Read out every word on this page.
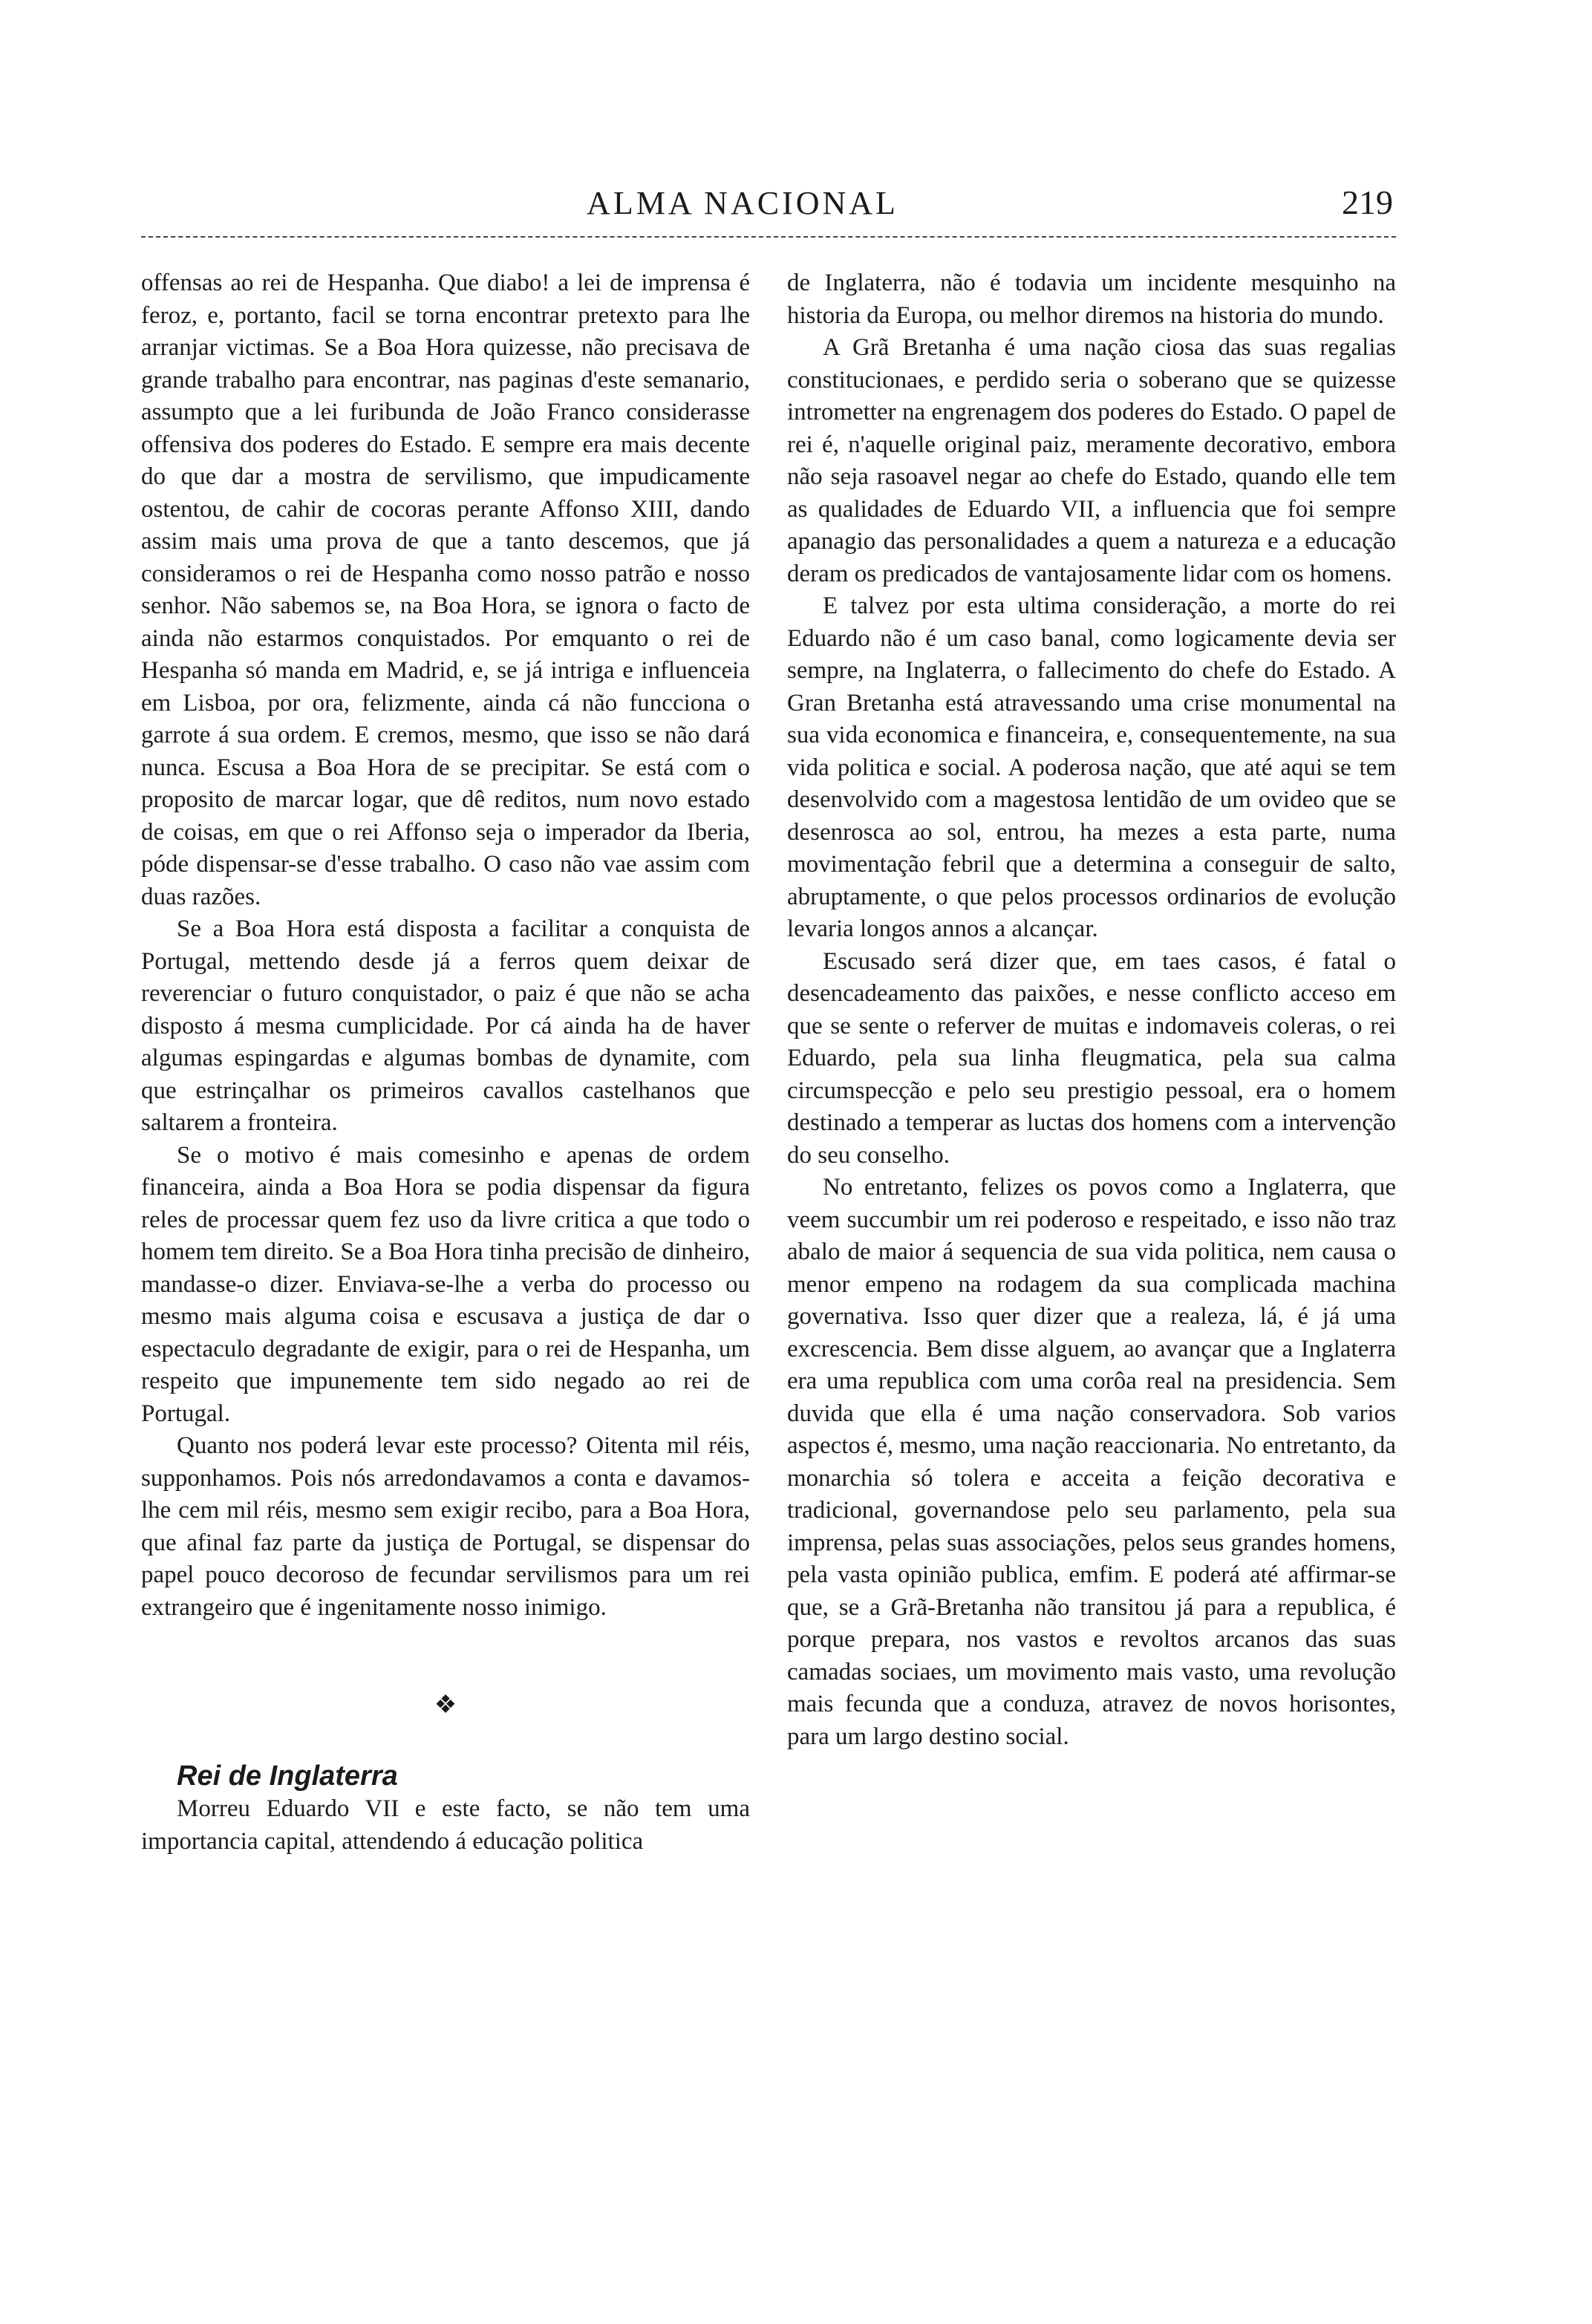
ALMA NACIONAL	219

offensas ao rei de Hespanha. Que diabo! a lei de imprensa é feroz, e, portanto, facil se torna encontrar pretexto para lhe arranjar victimas. Se a Boa Hora quizesse, não precisava de grande trabalho para encontrar, nas paginas d'este semanario, assumpto que a lei furibunda de João Franco considerasse offensiva dos poderes do Estado. E sempre era mais decente do que dar a mostra de servilismo, que impudicamente ostentou, de cahir de cocoras perante Affonso XIII, dando assim mais uma prova de que a tanto descemos, que já consideramos o rei de Hespanha como nosso patrão e nosso senhor. Não sabemos se, na Boa Hora, se ignora o facto de ainda não estarmos conquistados. Por emquanto o rei de Hespanha só manda em Madrid, e, se já intriga e influenceia em Lisboa, por ora, felizmente, ainda cá não funcciona o garrote á sua ordem. E cremos, mesmo, que isso se não dará nunca. Escusa a Boa Hora de se precipitar. Se está com o proposito de marcar logar, que dê reditos, num novo estado de coisas, em que o rei Affonso seja o imperador da Iberia, póde dispensar-se d'esse trabalho. O caso não vae assim com duas razões.

Se a Boa Hora está disposta a facilitar a conquista de Portugal, mettendo desde já a ferros quem deixar de reverenciar o futuro conquistador, o paiz é que não se acha disposto á mesma cumplicidade. Por cá ainda ha de haver algumas espingardas e algumas bombas de dynamite, com que estrinçalhar os primeiros cavallos castelhanos que saltarem a fronteira.

Se o motivo é mais comesinho e apenas de ordem financeira, ainda a Boa Hora se podia dispensar da figura reles de processar quem fez uso da livre critica a que todo o homem tem direito. Se a Boa Hora tinha precisão de dinheiro, mandasse-o dizer. Enviava-se-lhe a verba do processo ou mesmo mais alguma coisa e escusava a justiça de dar o espectaculo degradante de exigir, para o rei de Hespanha, um respeito que impunemente tem sido negado ao rei de Portugal.

Quanto nos poderá levar este processo? Oitenta mil réis, supponhamos. Pois nós arredondavamos a conta e davamos-lhe cem mil réis, mesmo sem exigir recibo, para a Boa Hora, que afinal faz parte da justiça de Portugal, se dispensar do papel pouco decoroso de fecundar servilismos para um rei extrangeiro que é ingenitamente nosso inimigo.

❖

Rei de Inglaterra

Morreu Eduardo VII e este facto, se não tem uma importancia capital, attendendo á educação politica

de Inglaterra, não é todavia um incidente mesquinho na historia da Europa, ou melhor diremos na historia do mundo.

A Grã Bretanha é uma nação ciosa das suas regalias constitucionaes, e perdido seria o soberano que se quizesse intrometter na engrenagem dos poderes do Estado. O papel de rei é, n'aquelle original paiz, meramente decorativo, embora não seja rasoavel negar ao chefe do Estado, quando elle tem as qualidades de Eduardo VII, a influencia que foi sempre apanagio das personalidades a quem a natureza e a educação deram os predicados de vantajosamente lidar com os homens.

E talvez por esta ultima consideração, a morte do rei Eduardo não é um caso banal, como logicamente devia ser sempre, na Inglaterra, o fallecimento do chefe do Estado. A Gran Bretanha está atravessando uma crise monumental na sua vida economica e financeira, e, consequentemente, na sua vida politica e social. A poderosa nação, que até aqui se tem desenvolvido com a magestosa lentidão de um ovideo que se desenrosca ao sol, entrou, ha mezes a esta parte, numa movimentação febril que a determina a conseguir de salto, abruptamente, o que pelos processos ordinarios de evolução levaria longos annos a alcançar.

Escusado será dizer que, em taes casos, é fatal o desencadeamento das paixões, e nesse conflicto acceso em que se sente o referver de muitas e indomaveis coleras, o rei Eduardo, pela sua linha fleugmatica, pela sua calma circumspecção e pelo seu prestigio pessoal, era o homem destinado a temperar as luctas dos homens com a intervenção do seu conselho.

No entretanto, felizes os povos como a Inglaterra, que veem succumbir um rei poderoso e respeitado, e isso não traz abalo de maior á sequencia de sua vida politica, nem causa o menor empeno na rodagem da sua complicada machina governativa. Isso quer dizer que a realeza, lá, é já uma excrescencia. Bem disse alguem, ao avançar que a Inglaterra era uma republica com uma corôa real na presidencia. Sem duvida que ella é uma nação conservadora. Sob varios aspectos é, mesmo, uma nação reaccionaria. No entretanto, da monarchia só tolera e acceita a feição decorativa e tradicional, governandose pelo seu parlamento, pela sua imprensa, pelas suas associações, pelos seus grandes homens, pela vasta opinião publica, emfim. E poderá até affirmar-se que, se a Grã-Bretanha não transitou já para a republica, é porque prepara, nos vastos e revoltos arcanos das suas camadas sociaes, um movimento mais vasto, uma revolução mais fecunda que a conduza, atravez de novos horisontes, para um largo destino social.
